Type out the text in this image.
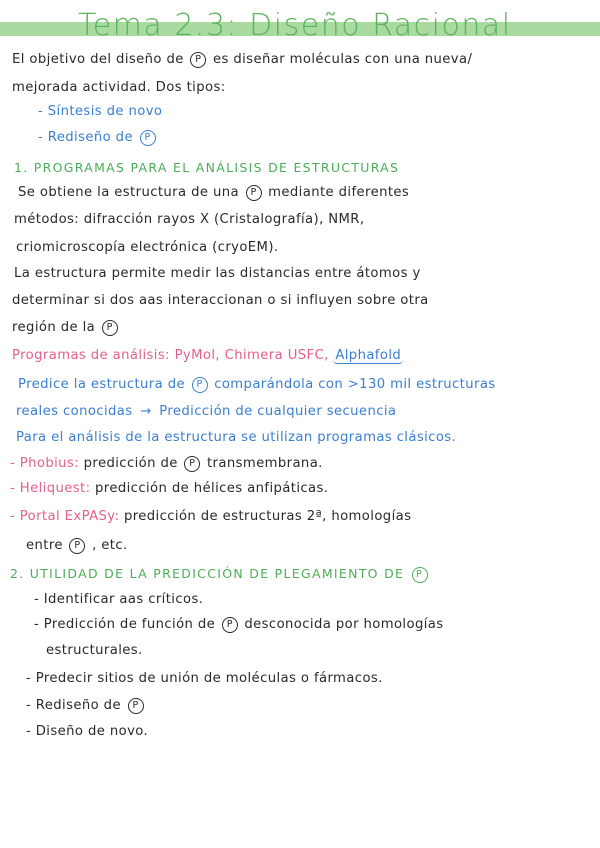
Tema 2.3: Diseño Racional
El objetivo del diseño de P es diseñar moléculas con una nueva/
mejorada actividad. Dos tipos:
- Síntesis de novo
- Rediseño de P
1. PROGRAMAS PARA EL ANÁLISIS DE ESTRUCTURAS
Se obtiene la estructura de una P mediante diferentes
métodos: difracción rayos X (Cristalografía), NMR,
criomicroscopía electrónica (cryoEM).
La estructura permite medir las distancias entre átomos y
determinar si dos aas interaccionan o si influyen sobre otra
región de la P
Programas de análisis: PyMol, Chimera USFC, Alphafold
Predice la estructura de P comparándola con >130 mil estructuras
reales conocidas → Predicción de cualquier secuencia
Para el análisis de la estructura se utilizan programas clásicos.
- Phobius: predicción de P transmembrana.
- Heliquest: predicción de hélices anfipáticas.
- Portal ExPASy: predicción de estructuras 2ª, homologías
entre P , etc.
2. UTILIDAD DE LA PREDICCIÓN DE PLEGAMIENTO DE P
- Identificar aas críticos.
- Predicción de función de P desconocida por homologías
estructurales.
- Predecir sitios de unión de moléculas o fármacos.
- Rediseño de P
- Diseño de novo.
